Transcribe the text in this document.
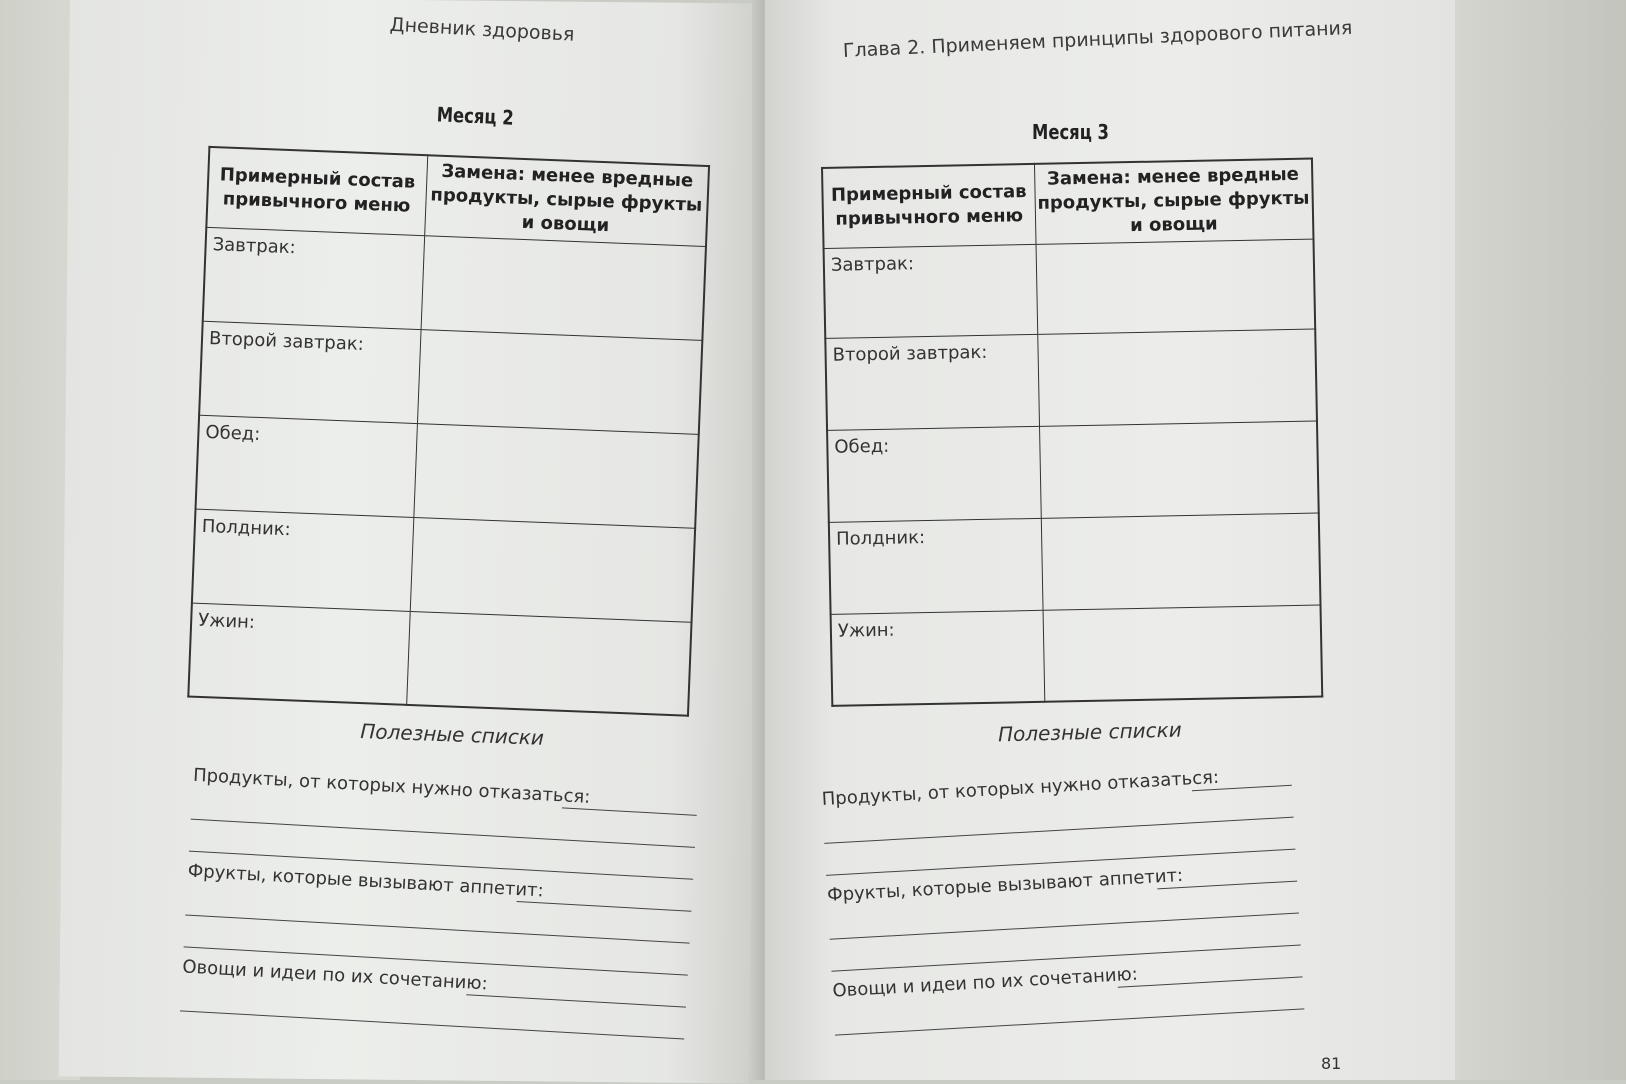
Дневник здоровья
Месяц 2
Примерный состав привычного меню	Замена: менее вредные продукты, сырые фрукты и овощи

Завтрак:	

Второй завтрак:	

Обед:	

Полдник:	

Ужин:	

Полезные списки
Продукты, от которых нужно отказаться:
Фрукты, которые вызывают аппетит:
Овощи и идеи по их сочетанию:
Глава 2. Применяем принципы здорового питания
Месяц 3
Примерный состав привычного меню	Замена: менее вредные продукты, сырые фрукты и овощи

Завтрак:	

Второй завтрак:	

Обед:	

Полдник:	

Ужин:	

Полезные списки
Продукты, от которых нужно отказаться:
Фрукты, которые вызывают аппетит:
Овощи и идеи по их сочетанию:
81
